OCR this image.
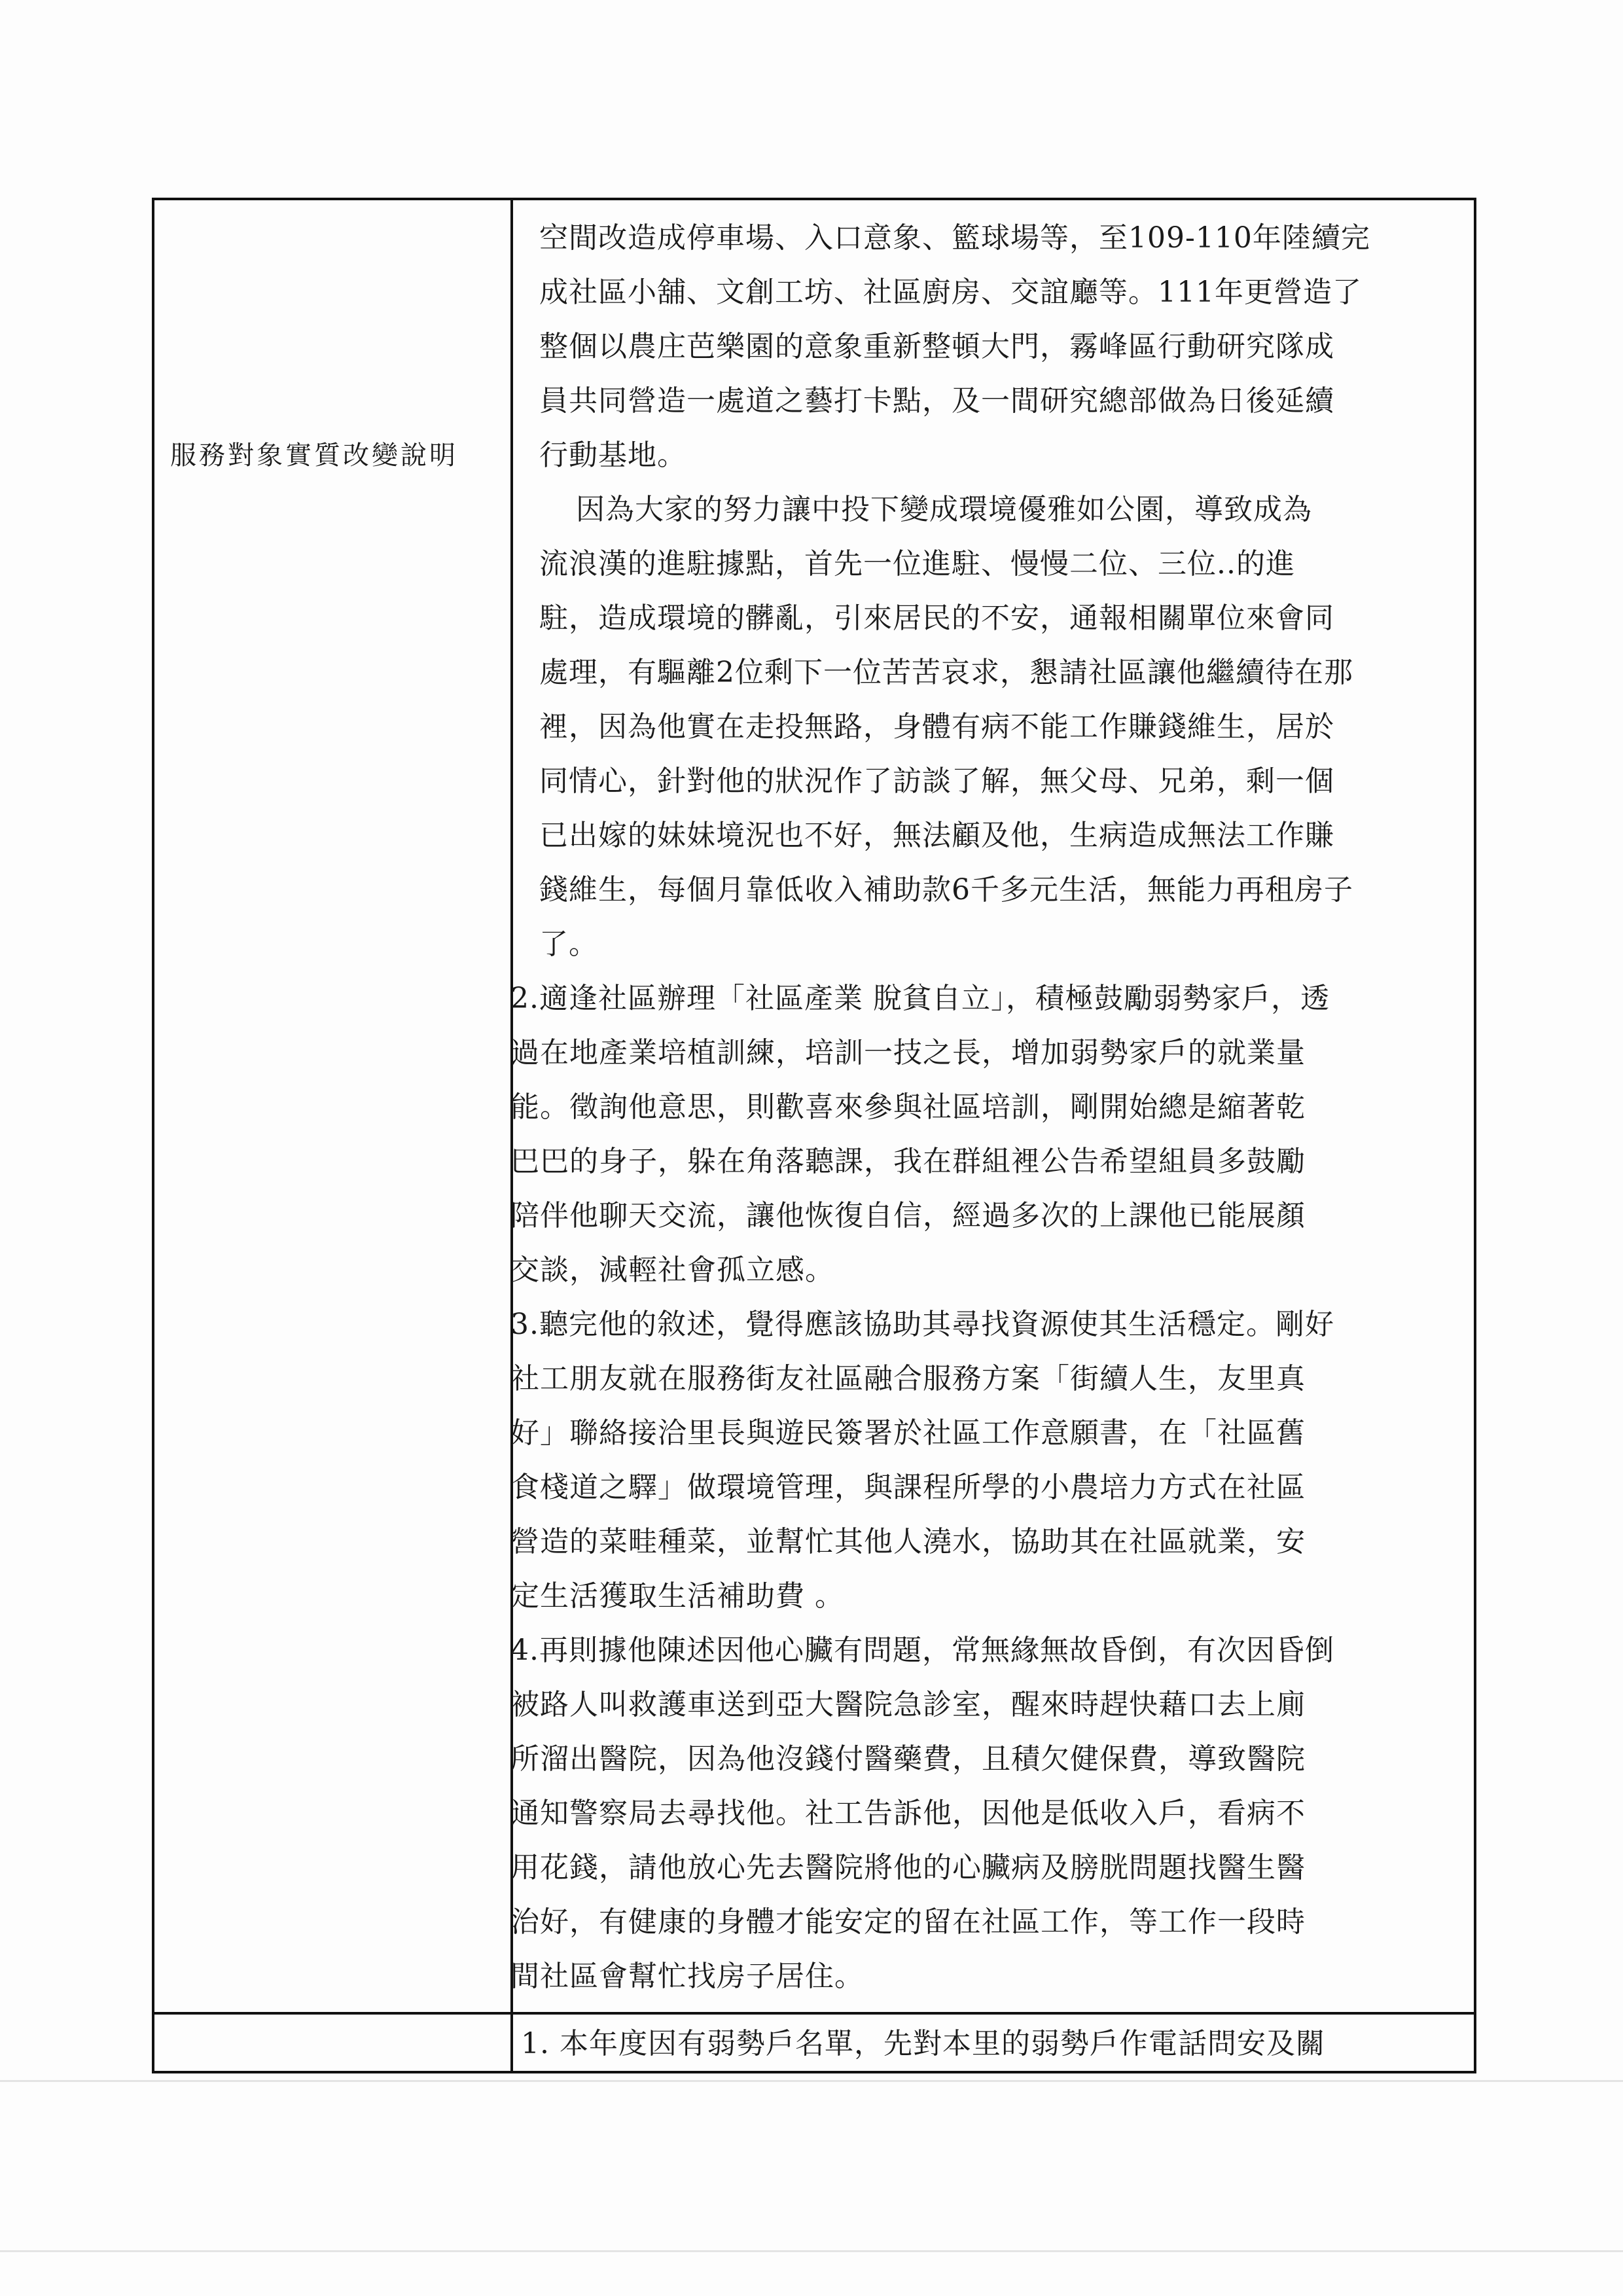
服務對象實質改變說明
空間改造成停車場、入口意象、籃球場等，至109-110年陸續完
成社區小舖、文創工坊、社區廚房、交誼廳等。111年更營造了
整個以農庄芭樂園的意象重新整頓大門，霧峰區行動研究隊成
員共同營造一處道之藝打卡點，及一間研究總部做為日後延續
行動基地。
因為大家的努力讓中投下變成環境優雅如公園，導致成為
流浪漢的進駐據點，首先一位進駐、慢慢二位、三位..的進
駐，造成環境的髒亂，引來居民的不安，通報相關單位來會同
處理，有驅離2位剩下一位苦苦哀求，懇請社區讓他繼續待在那
裡，因為他實在走投無路，身體有病不能工作賺錢維生，居於
同情心，針對他的狀況作了訪談了解，無父母、兄弟，剩一個
已出嫁的妹妹境況也不好，無法顧及他，生病造成無法工作賺
錢維生，每個月靠低收入補助款6千多元生活，無能力再租房子
了。
2.適逢社區辦理「社區產業 脫貧自立」，積極鼓勵弱勢家戶，透
過在地產業培植訓練，培訓一技之長，增加弱勢家戶的就業量
能。徵詢他意思，則歡喜來參與社區培訓，剛開始總是縮著乾
巴巴的身子，躲在角落聽課，我在群組裡公告希望組員多鼓勵
陪伴他聊天交流，讓他恢復自信，經過多次的上課他已能展顏
交談，減輕社會孤立感。
3.聽完他的敘述，覺得應該協助其尋找資源使其生活穩定。剛好
社工朋友就在服務街友社區融合服務方案「街續人生，友里真
好」聯絡接洽里長與遊民簽署於社區工作意願書，在「社區舊
食棧道之驛」做環境管理，與課程所學的小農培力方式在社區
營造的菜畦種菜，並幫忙其他人澆水，協助其在社區就業，安
定生活獲取生活補助費 。
4.再則據他陳述因他心臟有問題，常無緣無故昏倒，有次因昏倒
被路人叫救護車送到亞大醫院急診室，醒來時趕快藉口去上廁
所溜出醫院，因為他沒錢付醫藥費，且積欠健保費，導致醫院
通知警察局去尋找他。社工告訴他，因他是低收入戶，看病不
用花錢，請他放心先去醫院將他的心臟病及膀胱問題找醫生醫
治好，有健康的身體才能安定的留在社區工作，等工作一段時
間社區會幫忙找房子居住。
1. 本年度因有弱勢戶名單，先對本里的弱勢戶作電話問安及關
